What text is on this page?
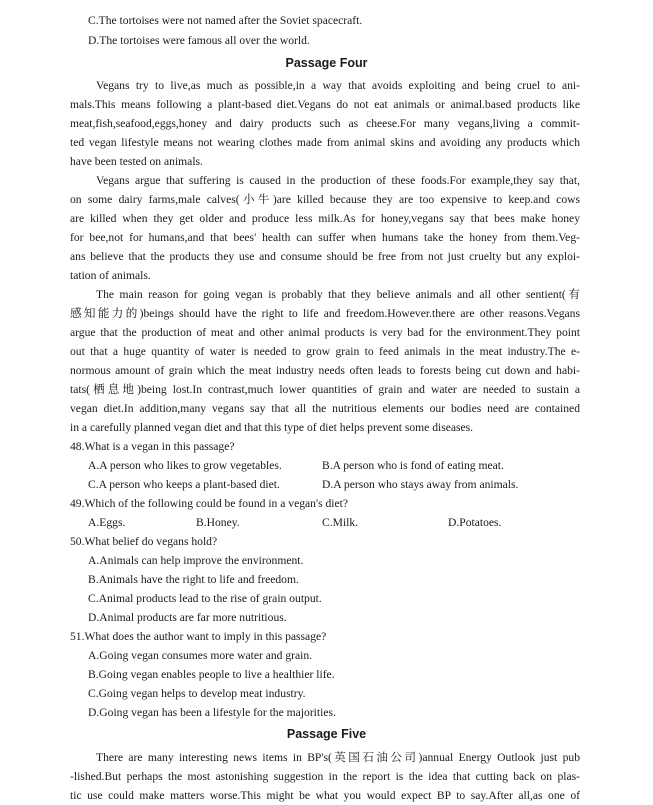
C.The tortoises were not named after the Soviet spacecraft.
D.The tortoises were famous all over the world.
Passage Four
Vegans try to live,as much as possible,in a way that avoids exploiting and being cruel to ani-
mals.This means following a plant-based diet.Vegans do not eat animals or animal.based products like
meat,fish,seafood,eggs,honey and dairy products such as cheese.For many vegans,living a commit-
ted vegan lifestyle means not wearing clothes made from animal skins and avoiding any products which
have been tested on animals.
Vegans argue that suffering is caused in the production of these foods.For example,they say that,
on some dairy farms,male calves(小牛)are killed because they are too expensive to keep.and cows
are killed when they get older and produce less milk.As for honey,vegans say that bees make honey
for bee,not for humans,and that bees' health can suffer when humans take the honey from them.Veg-
ans believe that the products they use and consume should be free from not just cruelty but any exploi-
tation of animals.
The main reason for going vegan is probably that they believe animals and all other sentient(有
感知能力的)beings should have the right to life and freedom.However.there are other reasons.Vegans
argue that the production of meat and other animal products is very bad for the environment.They point
out that a huge quantity of water is needed to grow grain to feed animals in the meat industry.The e-
normous amount of grain which the meat industry needs often leads to forests being cut down and habi-
tats(栖息地)being lost.In contrast,much lower quantities of grain and water are needed to sustain a
vegan diet.In addition,many vegans say that all the nutritious elements our bodies need are contained
in a carefully planned vegan diet and that this type of diet helps prevent some diseases.
48.What is a vegan in this passage?
A.A person who likes to grow vegetables.	B.A person who is fond of eating meat.
C.A person who keeps a plant-based diet.	D.A person who stays away from animals.
49.Which of the following could be found in a vegan's diet?
A.Eggs.	B.Honey.	C.Milk.	D.Potatoes.
50.What belief do vegans hold?
A.Animals can help improve the environment.
B.Animals have the right to life and freedom.
C.Animal products lead to the rise of grain output.
D.Animal products are far more nutritious.
51.What does the author want to imply in this passage?
A.Going vegan consumes more water and grain.
B.Going vegan enables people to live a healthier life.
C.Going vegan helps to develop meat industry.
D.Going vegan has been a lifestyle for the majorities.
Passage Five
There are many interesting news items in BP's(英国石油公司)annual Energy Outlook just pub
-lished.But perhaps the most astonishing suggestion in the report is the idea that cutting back on plas-
tic use could make matters worse.This might be what you would expect BP to say.After all,as one of
